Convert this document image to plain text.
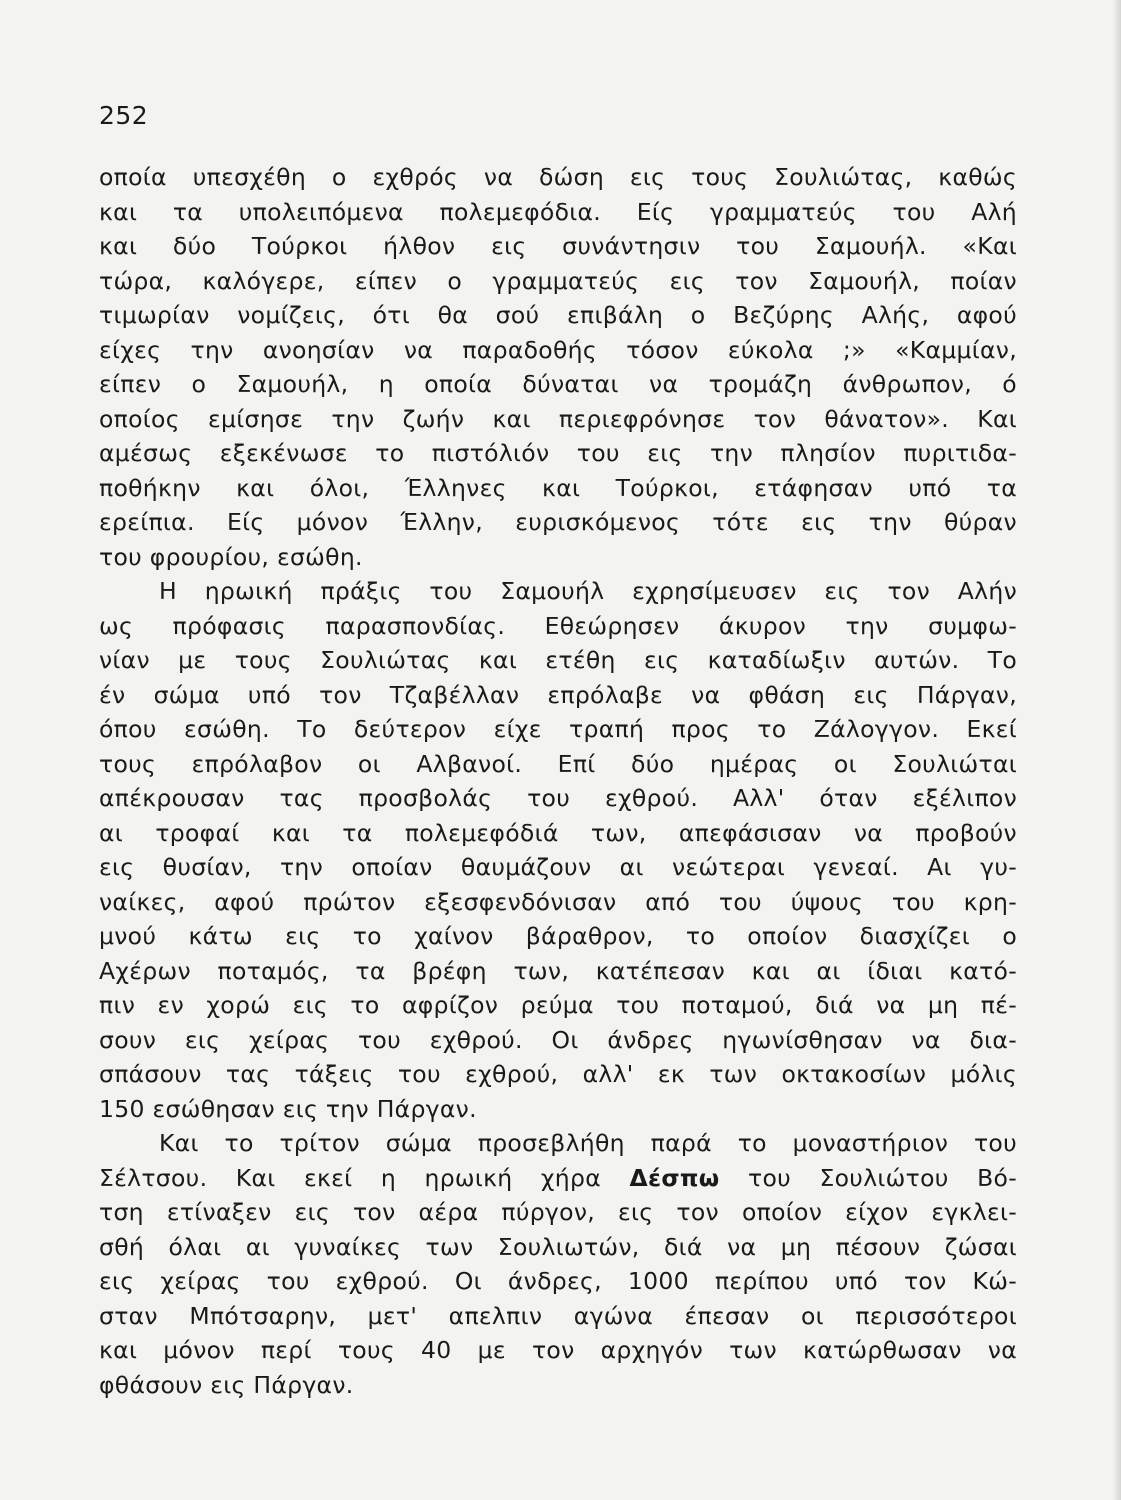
252
οποία υπεσχέθη ο εχθρός να δώση εις τους Σουλιώτας, καθώς
και τα υπολειπόμενα πολεμεφόδια. Είς γραμματεύς του Αλή
και δύο Τούρκοι ήλθον εις συνάντησιν του Σαμουήλ. «Και
τώρα, καλόγερε, είπεν ο γραμματεύς εις τον Σαμουήλ, ποίαν
τιμωρίαν νομίζεις, ότι θα σού επιβάλη ο Βεζύρης Αλής, αφού
είχες την ανοησίαν να παραδοθής τόσον εύκολα ;» «Καμμίαν,
είπεν ο Σαμουήλ, η οποία δύναται να τρομάζη άνθρωπον, ό
οποίος εμίσησε την ζωήν και περιεφρόνησε τον θάνατον». Και
αμέσως εξεκένωσε το πιστόλιόν του εις την πλησίον πυριτιδα-
ποθήκην και όλοι, Έλληνες και Τούρκοι, ετάφησαν υπό τα
ερείπια. Είς μόνον Έλλην, ευρισκόμενος τότε εις την θύραν
του φρουρίου, εσώθη.
Η ηρωική πράξις του Σαμουήλ εχρησίμευσεν εις τον Αλήν
ως πρόφασις παρασπονδίας. Εθεώρησεν άκυρον την συμφω-
νίαν με τους Σουλιώτας και ετέθη εις καταδίωξιν αυτών. Το
έν σώμα υπό τον Τζαβέλλαν επρόλαβε να φθάση εις Πάργαν,
όπου εσώθη. Το δεύτερον είχε τραπή προς το Ζάλογγον. Εκεί
τους επρόλαβον οι Αλβανοί. Επί δύο ημέρας οι Σουλιώται
απέκρουσαν τας προσβολάς του εχθρού. Αλλ' όταν εξέλιπον
αι τροφαί και τα πολεμεφόδιά των, απεφάσισαν να προβούν
εις θυσίαν, την οποίαν θαυμάζουν αι νεώτεραι γενεαί. Αι γυ-
ναίκες, αφού πρώτον εξεσφενδόνισαν από του ύψους του κρη-
μνού κάτω εις το χαίνον βάραθρον, το οποίον διασχίζει ο
Αχέρων ποταμός, τα βρέφη των, κατέπεσαν και αι ίδιαι κατό-
πιν εν χορώ εις το αφρίζον ρεύμα του ποταμού, διά να μη πέ-
σουν εις χείρας του εχθρού. Οι άνδρες ηγωνίσθησαν να δια-
σπάσουν τας τάξεις του εχθρού, αλλ' εκ των οκτακοσίων μόλις
150 εσώθησαν εις την Πάργαν.
Και το τρίτον σώμα προσεβλήθη παρά το μοναστήριον του
Σέλτσου. Και εκεί η ηρωική χήρα Δέσπω του Σουλιώτου Βό-
τση ετίναξεν εις τον αέρα πύργον, εις τον οποίον είχον εγκλει-
σθή όλαι αι γυναίκες των Σουλιωτών, διά να μη πέσουν ζώσαι
εις χείρας του εχθρού. Οι άνδρες, 1000 περίπου υπό τον Κώ-
σταν Μπότσαρην, μετ' απελπιν αγώνα έπεσαν οι περισσότεροι
και μόνον περί τους 40 με τον αρχηγόν των κατώρθωσαν να
φθάσουν εις Πάργαν.
